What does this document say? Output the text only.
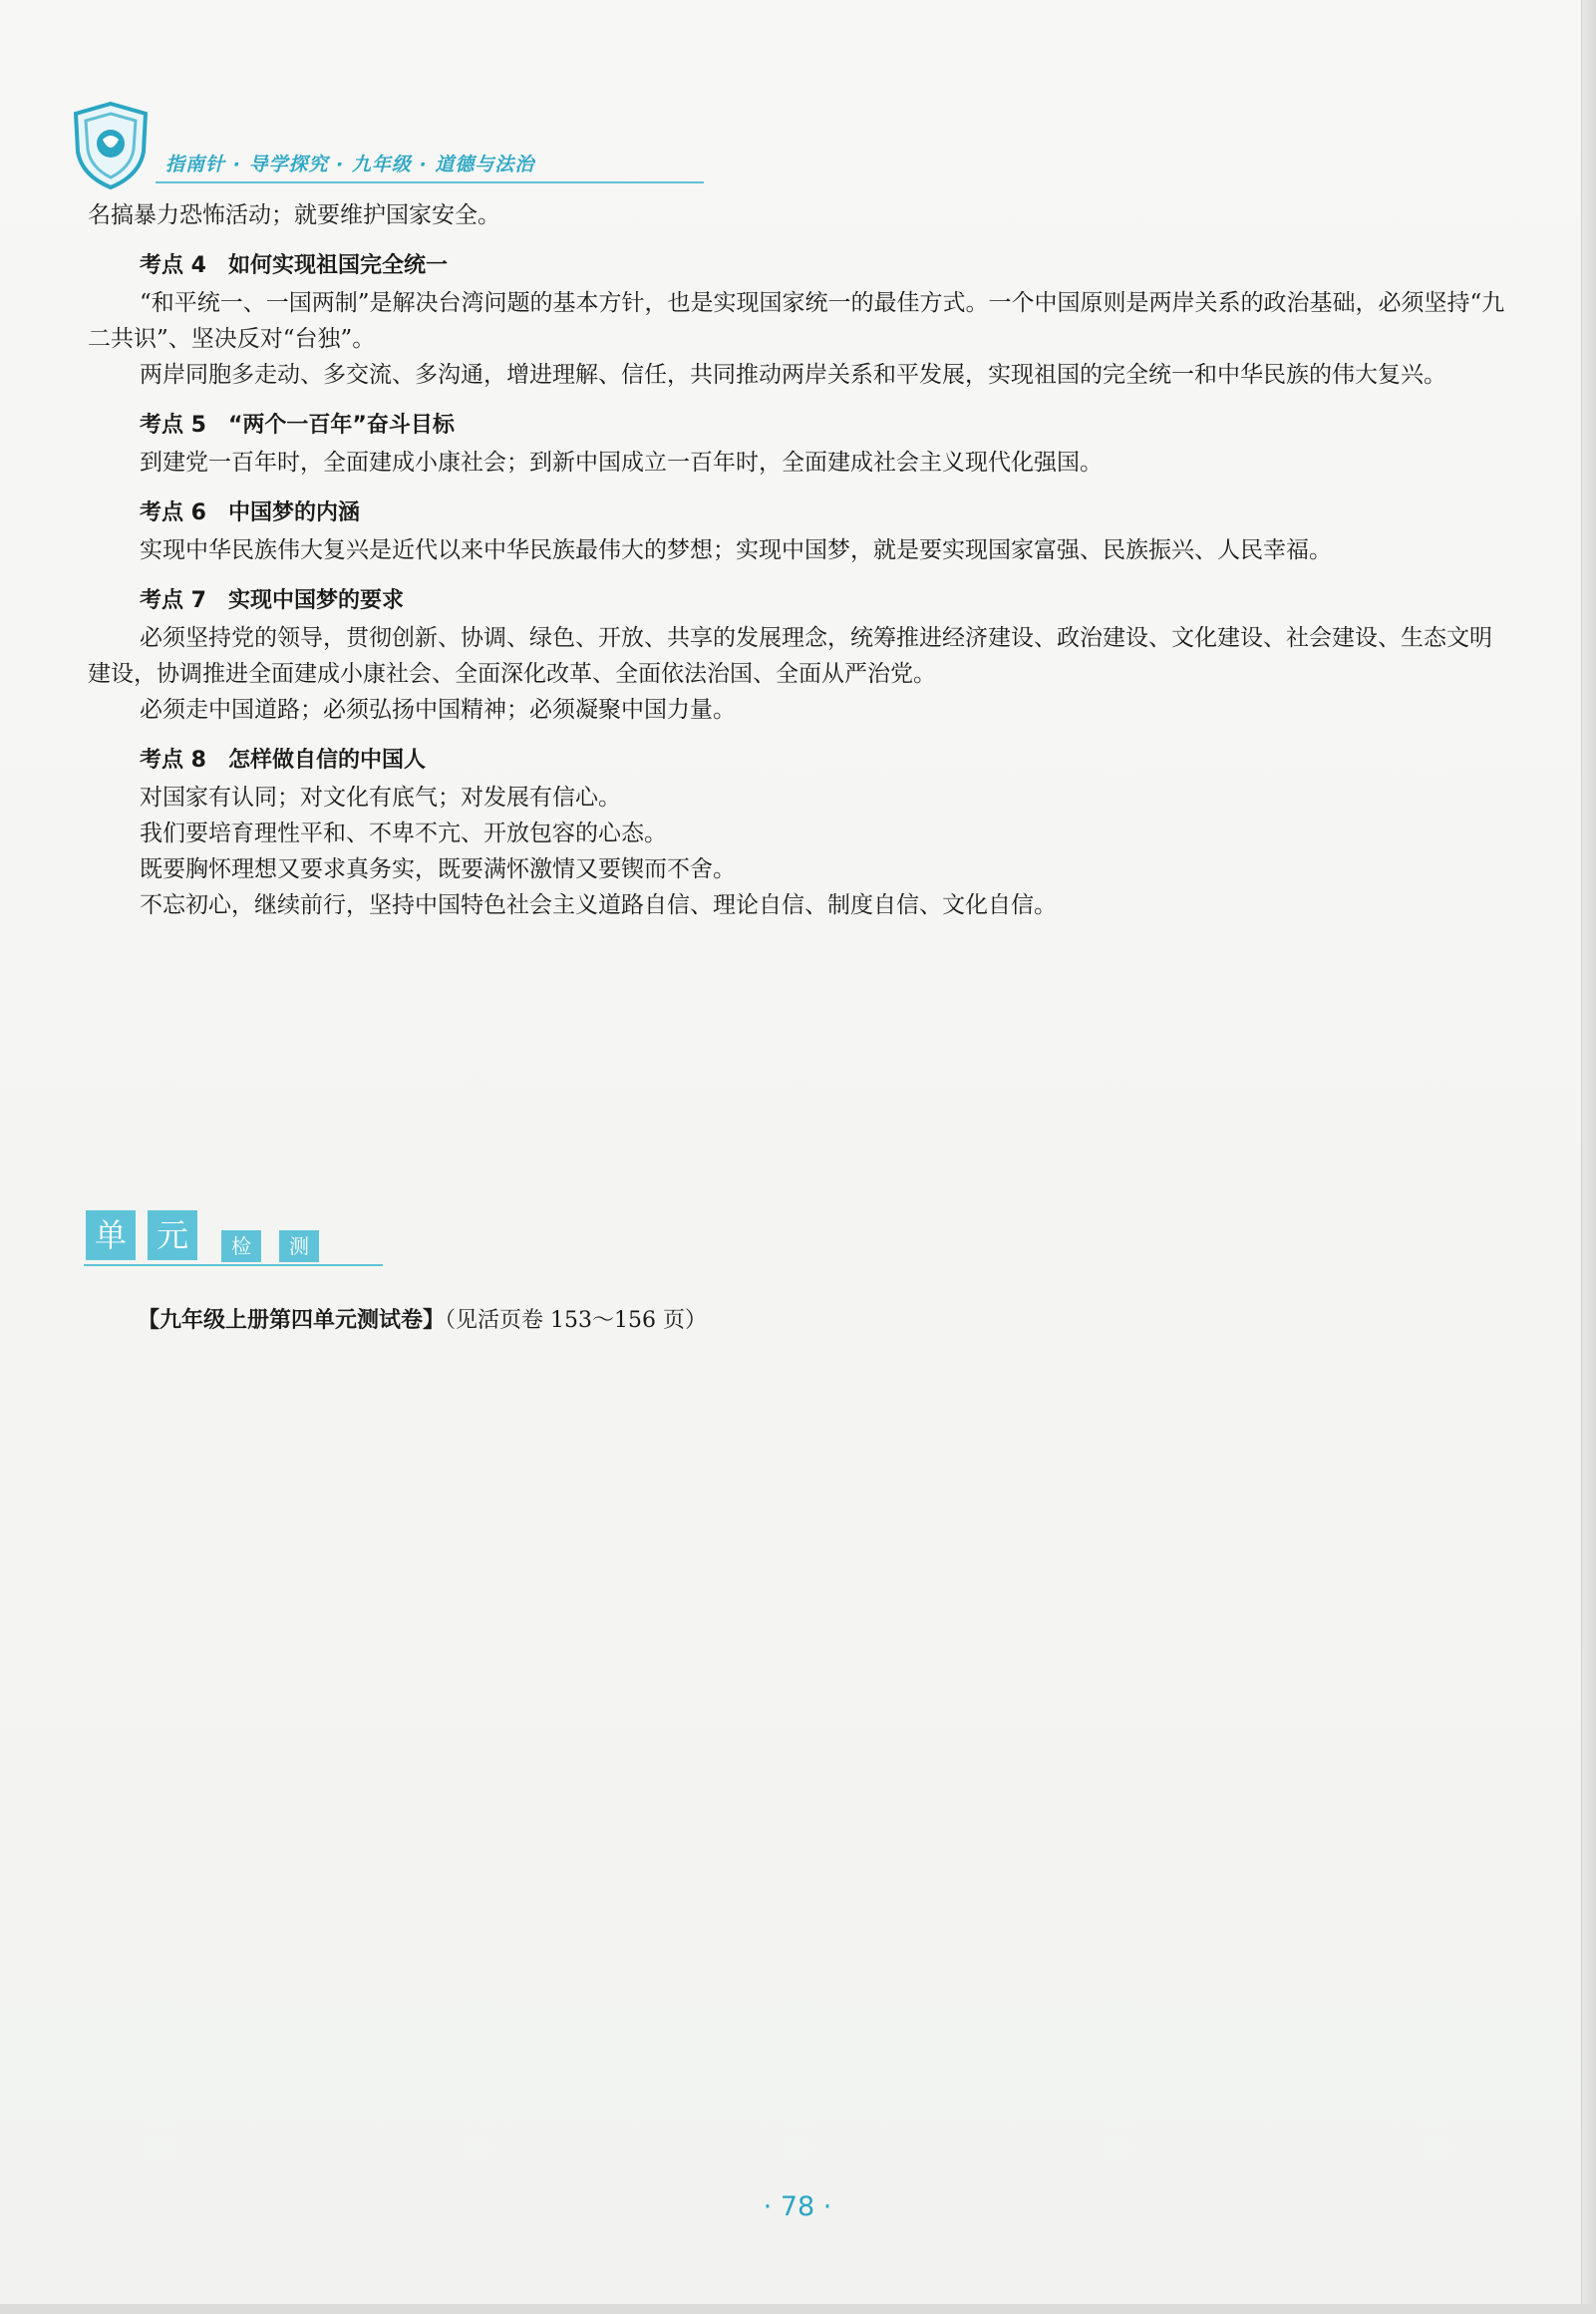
指南针 · 导学探究 · 九年级 · 道德与法治

名搞暴力恐怖活动；就要维护国家安全。

考点 4 如何实现祖国完全统一

“和平统一、一国两制”是解决台湾问题的基本方针，也是实现国家统一的最佳方式。一个中国原则是两岸关系的政治基础，必须坚持“九二共识”、坚决反对“台独”。

两岸同胞多走动、多交流、多沟通，增进理解、信任，共同推动两岸关系和平发展，实现祖国的完全统一和中华民族的伟大复兴。

考点 5 “两个一百年”奋斗目标

到建党一百年时，全面建成小康社会；到新中国成立一百年时，全面建成社会主义现代化强国。

考点 6 中国梦的内涵

实现中华民族伟大复兴是近代以来中华民族最伟大的梦想；实现中国梦，就是要实现国家富强、民族振兴、人民幸福。

考点 7 实现中国梦的要求

必须坚持党的领导，贯彻创新、协调、绿色、开放、共享的发展理念，统筹推进经济建设、政治建设、文化建设、社会建设、生态文明建设，协调推进全面建成小康社会、全面深化改革、全面依法治国、全面从严治党。

必须走中国道路；必须弘扬中国精神；必须凝聚中国力量。

考点 8 怎样做自信的中国人

对国家有认同；对文化有底气；对发展有信心。

我们要培育理性平和、不卑不亢、开放包容的心态。

既要胸怀理想又要求真务实，既要满怀激情又要锲而不舍。

不忘初心，继续前行，坚持中国特色社会主义道路自信、理论自信、制度自信、文化自信。

单 元	检	测
【九年级上册第四单元测试卷】（见活页卷 153～156 页）
· 78 ·
